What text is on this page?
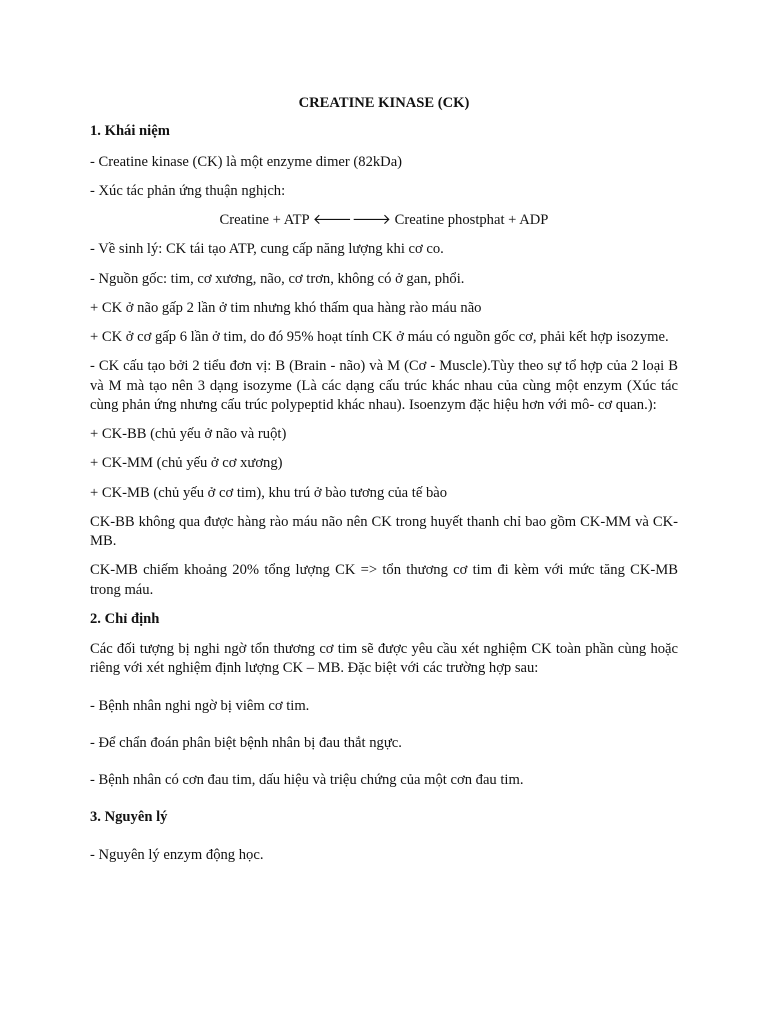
CREATINE KINASE (CK)
1. Khái niệm

- Creatine kinase (CK) là một enzyme dimer (82kDa)

- Xúc tác phản ứng thuận nghịch:

Creatine + ATP 🡐🡒 Creatine phostphat + ADP

- Về sinh lý: CK tái tạo ATP, cung cấp năng lượng khi cơ co.

- Nguồn gốc: tim, cơ xương, não, cơ trơn, không có ở gan, phổi.

+ CK ở não gấp 2 lần ở tim nhưng khó thấm qua hàng rào máu não

+ CK ở cơ gấp 6 lần ở tim, do đó 95% hoạt tính CK ở máu có nguồn gốc cơ, phải kết hợp isozyme.

- CK cấu tạo bởi 2 tiểu đơn vị: B (Brain - não) và M (Cơ - Muscle).Tùy theo sự tổ hợp của 2 loại B và M mà tạo nên 3 dạng isozyme (Là các dạng cấu trúc khác nhau của cùng một enzym (Xúc tác cùng phản ứng nhưng cấu trúc polypeptid khác nhau). Isoenzym đặc hiệu hơn với mô- cơ quan.):

+ CK-BB (chủ yếu ở não và ruột)

+ CK-MM (chủ yếu ở cơ xương)

+ CK-MB (chủ yếu ở cơ tim), khu trú ở bào tương của tế bào

CK-BB không qua được hàng rào máu não nên CK trong huyết thanh chỉ bao gồm CK-MM và CK-MB.

CK-MB chiếm khoảng 20% tổng lượng CK => tổn thương cơ tim đi kèm với mức tăng CK-MB trong máu.

2. Chỉ định

Các đối tượng bị nghi ngờ tổn thương cơ tim sẽ được yêu cầu xét nghiệm CK toàn phần cùng hoặc riêng với xét nghiệm định lượng CK – MB. Đặc biệt với các trường hợp sau:

- Bệnh nhân nghi ngờ bị viêm cơ tim.

- Để chẩn đoán phân biệt bệnh nhân bị đau thắt ngực.

- Bệnh nhân có cơn đau tim, dấu hiệu và triệu chứng của một cơn đau tim.

3. Nguyên lý

- Nguyên lý enzym động học.
